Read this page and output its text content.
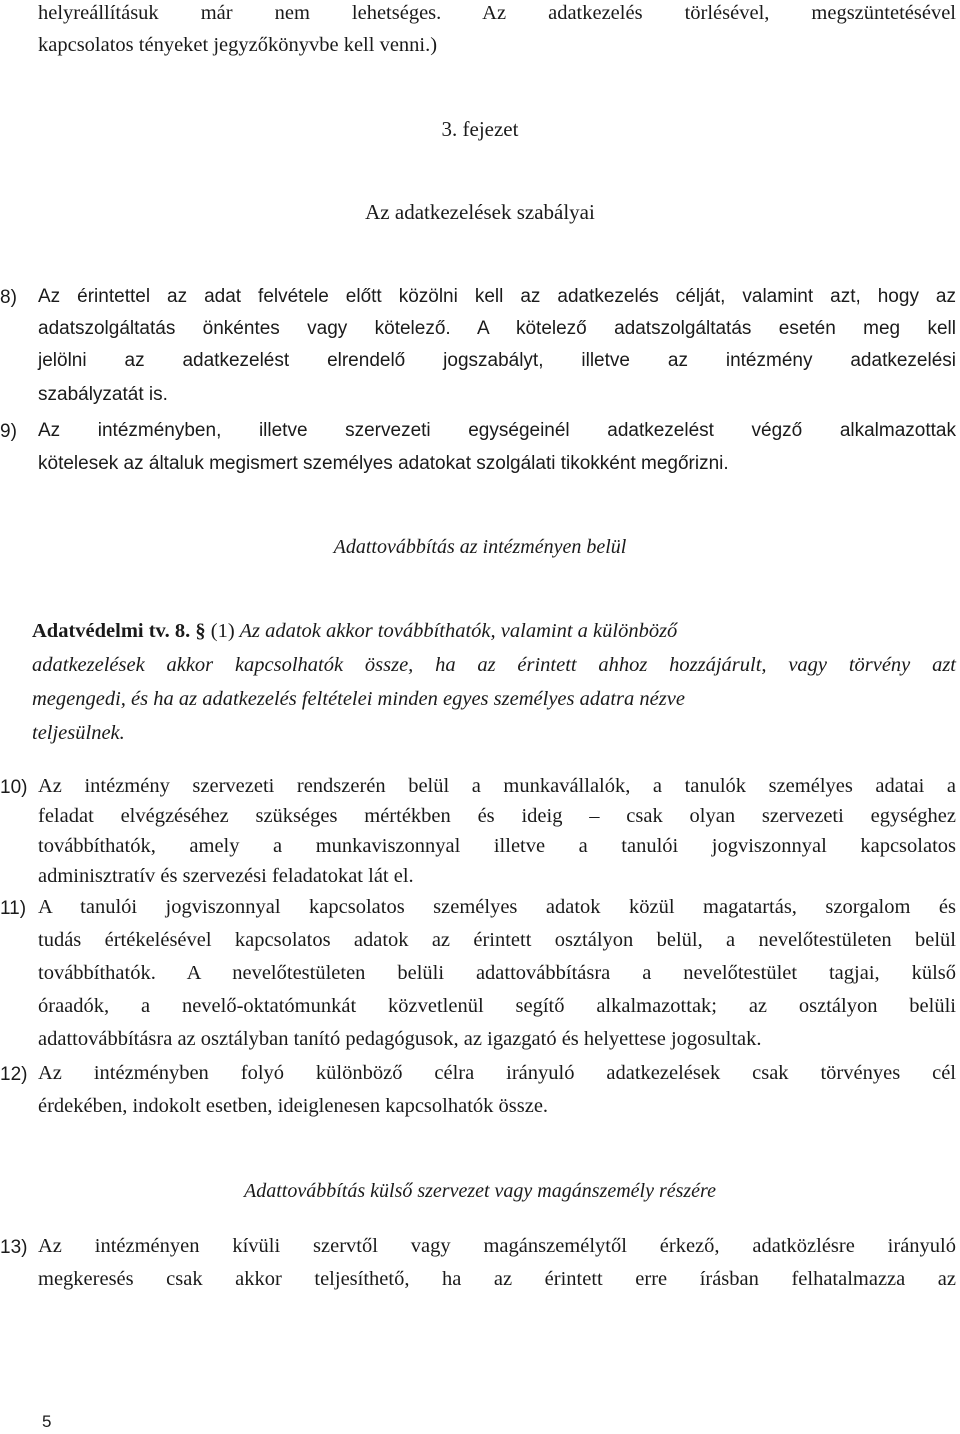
helyreállításuk már nem lehetséges. Az adatkezelés törlésével, megszüntetésével
kapcsolatos tényeket jegyzőkönyvbe kell venni.)
3. fejezet
Az adatkezelések szabályai
8) Az érintettel az adat felvétele előtt közölni kell az adatkezelés célját, valamint azt, hogy az
adatszolgáltatás önkéntes vagy kötelező. A kötelező adatszolgáltatás esetén meg kell
jelölni az adatkezelést elrendelő jogszabályt, illetve az intézmény adatkezelési
szabályzatát is.
9) Az intézményben, illetve szervezeti egységeinél adatkezelést végző alkalmazottak
kötelesek az általuk megismert személyes adatokat szolgálati tikokként megőrizni.
Adattovábbítás az intézményen belül
Adatvédelmi tv. 8. § (1) Az adatok akkor továbbíthatók, valamint a különböző
adatkezelések akkor kapcsolhatók össze, ha az érintett ahhoz hozzájárult, vagy törvény azt
megengedi, és ha az adatkezelés feltételei minden egyes személyes adatra nézve
teljesülnek.
10) Az intézmény szervezeti rendszerén belül a munkavállalók, a tanulók személyes adatai a
feladat elvégzéséhez szükséges mértékben és ideig – csak olyan szervezeti egységhez
továbbíthatók, amely a munkaviszonnyal illetve a tanulói jogviszonnyal kapcsolatos
adminisztratív és szervezési feladatokat lát el.
11) A tanulói jogviszonnyal kapcsolatos személyes adatok közül magatartás, szorgalom és
tudás értékelésével kapcsolatos adatok az érintett osztályon belül, a nevelőtestületen belül
továbbíthatók. A nevelőtestületen belüli adattovábbításra a nevelőtestület tagjai, külső
óraadók, a nevelő-oktatómunkát közvetlenül segítő alkalmazottak; az osztályon belüli
adattovábbításra az osztályban tanító pedagógusok, az igazgató és helyettese jogosultak.
12) Az intézményben folyó különböző célra irányuló adatkezelések csak törvényes cél
érdekében, indokolt esetben, ideiglenesen kapcsolhatók össze.
Adattovábbítás külső szervezet vagy magánszemély részére
13) Az intézményen kívüli szervtől vagy magánszemélytől érkező, adatközlésre irányuló
megkeresés csak akkor teljesíthető, ha az érintett erre írásban felhatalmazza az
5
